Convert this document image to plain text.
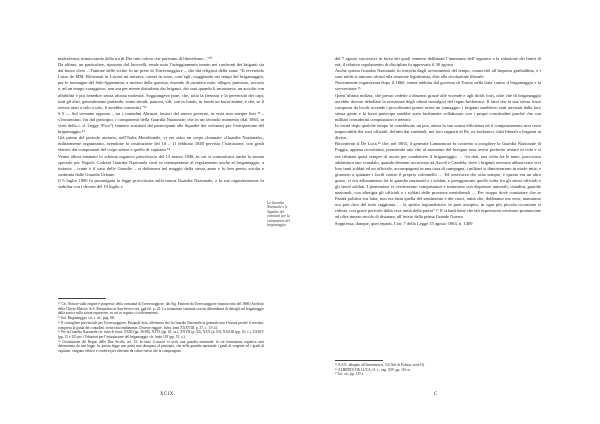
malvolenza, minacciando della ira di Dio tutti coloro che parivano di liberalismo...”¹⁰

Da ultimo, un particolare, riportato dal Jacovelli, rende noto l’atteggiamento tenuto nei confronti dei briganti sia dal basso clero – Fantone delle scritte fu un prete di Torrecuoggiore – che dai religiosi della zona: “Il reverendo Luiso de MM. Riformati in Lucera mi narrava, carnei in sono, com’egli, viaggiando nei tempi del brigantaggio, per le montagne del Sub-Appennino, a motivo della questua, essendo di carattere mite, allegro, piuttosto, accorto e, ad un tempo coraggioso, non era per niente disturbato dai briganti, dei suoi quando li incontrava, un accolto con affabilità e poi benedire senza alcuna molestia. Soggiungeva pure, che, tolta la fierezza e la perversità dei capi, tutti gli altri, generalmente parlando, erano timidi, paurosi, vili, con in fondo, in fondo un buon’anima; e che, se li avesse aiuti a solo a solo, li avrebbe convertiti.”¹¹

§ 5 — Sul versante opposto – tra i contadini Abruzzi, fautori del nuovo governo, in vista non sempre lieti ¹² – s’incontrano, fin dal principio, i componenti della Guardia Nazionale, che in un secondo momento (dal 1863, in virtù della c. d. Legge “Pica”) vennero sostituiti dai partecipanti alle Squadre dei volontari per l’estirpazione del brigantaggio.¹³

Già prima del periodo unitario, nell’Italia Meridionale, vi era stato un corpo chiamato «Guardia Nazionale», militarmente organizzato, avendone la costituzione del 10 – 11 febbraio 1848 previsto l’istituzione, con gradi elettivi dai componenti del corpo stesso e quello di capitano.¹⁴

Venne allora emanato lo schema organico provvisorio del 13 marzo 1848, in cui si comunicava anche la norma speciale per Napoli. Codesta Guardia Nazionale costì in ottemperanza al regolamento anche al brigantaggio, a tuttavia – come è il caso delle Guardie – si delineava nel maggio della stessa anno e fu ben presto sciolta e sostituita dalle Guardie Urbane.

Il 5 luglio 1860 fu promulgata la legge provvisoria sulla nuova Guardia Nazionale, e la sua organizzazione fu stabilita con i decreti del 19 luglio e

La Guardia Nazionale e le Squadre dei volontari per la estirpazione del brigantaggio

¹⁰ Cfr. Notizie sulla origine e progresso della comunità di Torrecuoggiore, dal Sig. Fantone da Torrecuoggiore (manoscritto del 1866) Archivio della Chiesa Matrice di S. Bernardino in San Severo sez. ggà fol. p. 25. La trattazione continua con un abbondanza di dettagli sul brigantaggio della zona e sulle azioni repressive, su cui in seguito ci soffermeremo.

¹¹ Sul. Brigantaggio, cit. s. cit., pag. 88.

¹² Il consigliere provinciale per Torrecuoggiore, Pasquale Isoa, affermava che la Guardia Nazionale in generale non è buona perché il servizio, compresa la guida dei contadini, viene fatto malamente. Dovette fuggire. Infra. fonti XXXVIII, p. 37, c. 13-14.

¹³ Per la Guardia Nazionale cfr. infra le fonti: XXIII (pp. 36-88), XXVI (pp. 81, ss.), XXVII (p. 43), XXX (p. 63), XXXIII (pp. 16, s.), XXXIV (pp. 31 e 25) per i Volontari per l’estirpazione del brigantaggio cfr. fonte 119 (pp. 51, s.).

¹⁴ Costituzione del Regno delle Due Sicilie, art. 12: In tutto il nuovo vi avrà, una guardia nazionale, la cui formazione organica sarà determinata da una legge. In questa legge non potrà mai derogarsi al principio, che nella guardia nazionale i gradi di sergente ed i gradi di capitano, vengano elettivi e conferiti per elezione da coloro stessi che la compongono.

XCIX

del 7 agosto successivi in forza dei quali vennero deliberati l’ammonto dell’organico e la riduzione dei limiti di età; il relativo regolamento di disciplina fu approvato il 30 agosto.

Anche questa Guardia Nazionale fu travolta dagli avvenimenti del tempo, comecché all’impresa garibaldina, e i suoi militi si unirono alcuni alla reazione legittimista, altri alla rivoluzione liberale.

Nuovamente organizzata dopo il 1860, venne addotta dal governo di Torino nella lotta contro il brigantaggio e la sovversione.¹⁵

Quest’ultima milizia, che presto cedette a dissensi grazie alle vicende e agli ibridi forti, oltre che di brigantaggio avrebbe dovuto debellare la resistenza degli ultimi nostalgici del regno borbonico. Il fatto che la sua stessa fosse composta da locali accende i piccolissimi potere avere un vantaggio: i briganti sarebbero stati arrestati dalla loro stessa gente e la forza partecipe sarebbe stata facilmente collaborato con i propri concittadini purché che con militari considerati conquistatori e nemici.

In verità dopo qualche tempo fu considerato un pos, attesa la sua scarsa efficienza ed il comportamento non certo impeccabile dei suoi ufficiali, definiti dai cardinali, nei loro rapporti al Re, ex borbonici, falsi liberali e briganti in divisa.

Riconfermi il De Luca,¹⁶ che, nel 1863, il generale Lamarmora fu costretto a sciogliere la Guardia Nazionale di Foggia, appena ricostituita, prendendo atto che al momento del bisogno essa aveva preferito restare in città e si era rifiutata quasi sempre di uscire per combattere il brigantaggio … “in dati, una volta fra le tante, provocava addirittura uno scandalo, quando detenuti accorrono ad Ascoli e Candela, dove i briganti avevano abbracciato vivi loro tanti soldati ed un ufficiale, accompagnati in una casa di campagna, i militari si dimostrarono in modo mite, e giunsero a spianare i fucili contro il proprio colonnello … Ed osservava che oraa sempre, e questo era un altro guaio, vi era affiatamento fra le guardie nazionali e i soldati, e pareggiavano quelle volta fra gli stessi ufficiali e gli stessi soldati. I piemontesi vi cerchiavano conquistatori e trattavano con disprezzo autoriali, cittadini, guardie nazionali, con alterigia gli ufficiali e i soldati delle province meridionali … Per troppo dovè constatare che se Pantià politica era fatta, non era fatta quella del sentimento e dei cuori, unità che, dobbiamo ma veso, mamarmo ora pari dice del tutto raggiunta … la spirito regionalistico se pare assopito, in ogni più piccola occasione si ridesta, con grave pericolo della vera unità della patria”.¹⁷ E si badi bene che tali espressioni venivano pronunciate ad oltre mezzo secolo di distanza, all’inizio della prima Grande Guerra.

Soppressa, dunque, quei reparti, l’art. 7 della Legge 15 agosto 1863, n. 1409

¹⁵ A.S.F., allegato all’inventario n. 10 (Atti di Polizia, serie II).

¹⁶ ALBERTO DE LUCA, O. c., cap. XIV, pp. 116 ss.

¹⁷ Ivi, cit., pp. 115 s.

C
